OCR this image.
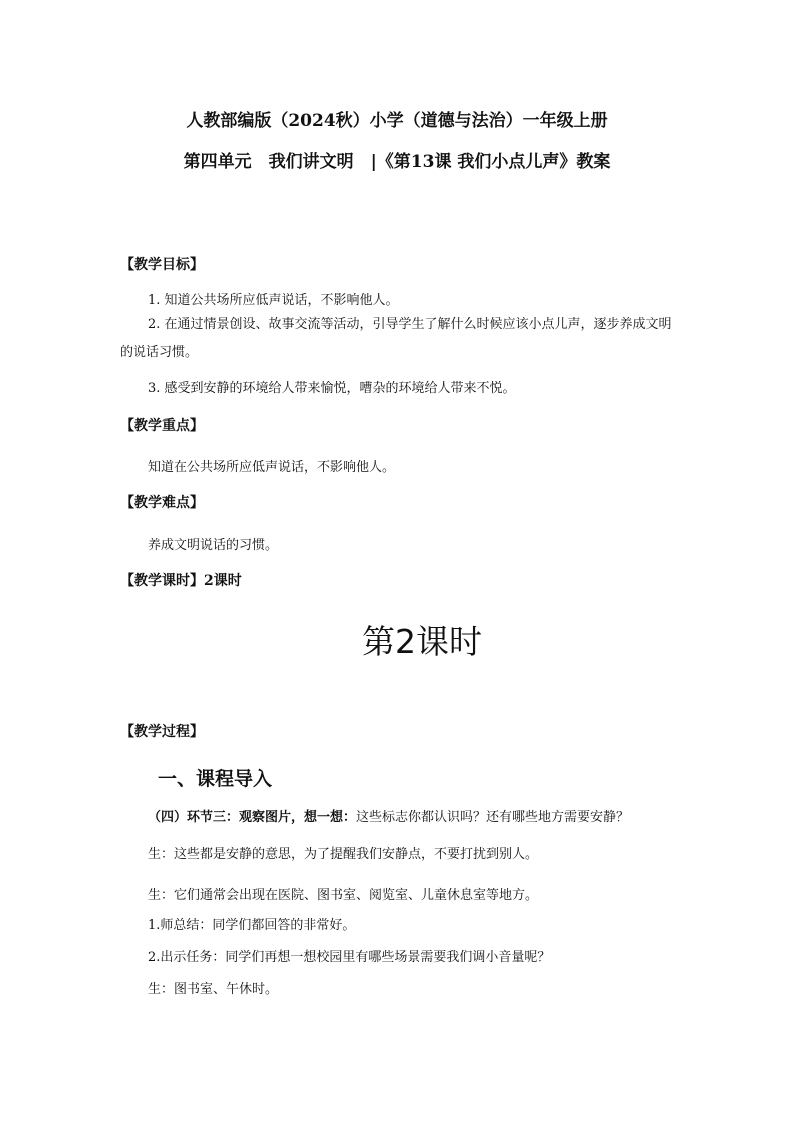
人教部编版（2024秋）小学（道德与法治）一年级上册
第四单元　我们讲文明　|《第13课 我们小点儿声》教案
【教学目标】
1. 知道公共场所应低声说话，不影响他人。
2. 在通过情景创设、故事交流等活动，引导学生了解什么时候应该小点儿声，逐步养成文明的说话习惯。
3. 感受到安静的环境给人带来愉悦，嘈杂的环境给人带来不悦。
【教学重点】
知道在公共场所应低声说话，不影响他人。
【教学难点】
养成文明说话的习惯。
【教学课时】2课时
第2课时
【教学过程】
一、课程导入
（四）环节三：观察图片，想一想：这些标志你都认识吗？还有哪些地方需要安静？
生：这些都是安静的意思，为了提醒我们安静点，不要打扰到别人。
生：它们通常会出现在医院、图书室、阅览室、儿童休息室等地方。
1.师总结：同学们都回答的非常好。
2.出示任务：同学们再想一想校园里有哪些场景需要我们调小音量呢？
生：图书室、午休时。
